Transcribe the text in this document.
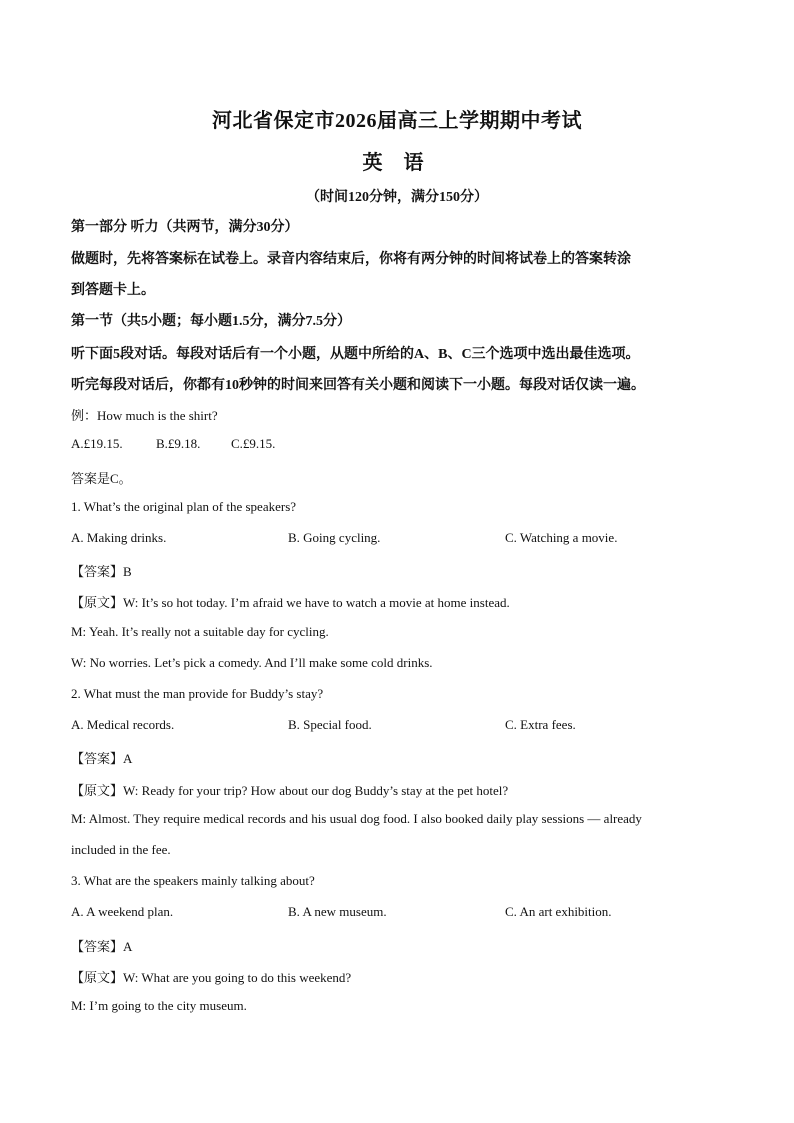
河北省保定市2026届高三上学期期中考试
英 语
（时间120分钟，满分150分）
第一部分 听力（共两节，满分30分）
做题时，先将答案标在试卷上。录音内容结束后，你将有两分钟的时间将试卷上的答案转涂
到答题卡上。
第一节（共5小题；每小题1.5分，满分7.5分）
听下面5段对话。每段对话后有一个小题，从题中所给的A、B、C三个选项中选出最佳选项。
听完每段对话后，你都有10秒钟的时间来回答有关小题和阅读下一小题。每段对话仅读一遍。
例：How much is the shirt?
A.£19.15.	B.£9.18. C.£9.15.
答案是C。
1. What’s the original plan of the speakers?
A. Making drinks.	B. Going cycling.	C. Watching a movie.
【答案】B
【原文】W: It’s so hot today. I’m afraid we have to watch a movie at home instead.
M: Yeah. It’s really not a suitable day for cycling.
W: No worries. Let’s pick a comedy. And I’ll make some cold drinks.
2. What must the man provide for Buddy’s stay?
A. Medical records.	B. Special food.	C. Extra fees.
【答案】A
【原文】W: Ready for your trip? How about our dog Buddy’s stay at the pet hotel?
M: Almost. They require medical records and his usual dog food. I also booked daily play sessions — already
included in the fee.
3. What are the speakers mainly talking about?
A. A weekend plan.	B. A new museum.	C. An art exhibition.
【答案】A
【原文】W: What are you going to do this weekend?
M: I’m going to the city museum.
